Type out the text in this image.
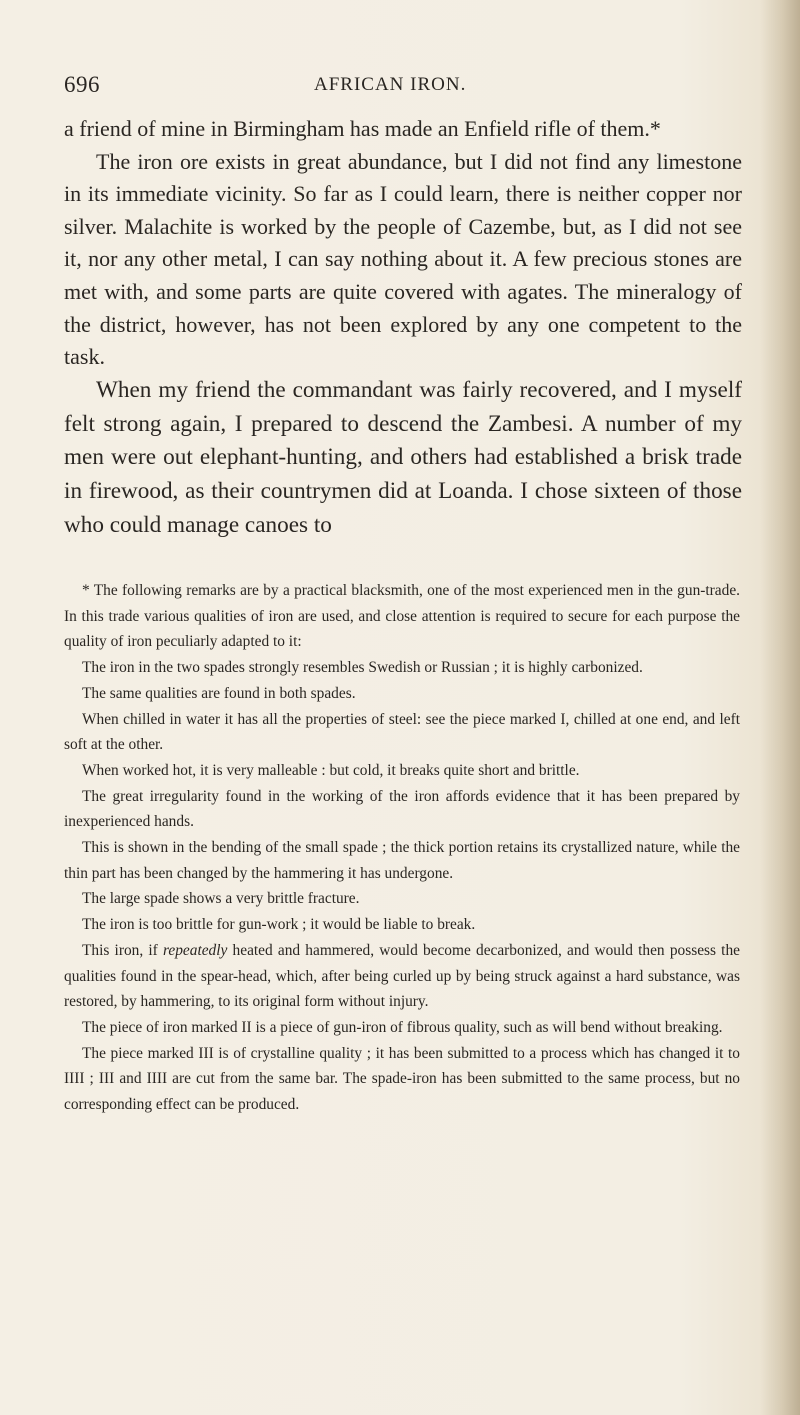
696	AFRICAN IRON.

a friend of mine in Birmingham has made an Enfield rifle of them.*

The iron ore exists in great abundance, but I did not find any limestone in its immediate vicinity. So far as I could learn, there is neither copper nor silver. Malachite is worked by the people of Cazembe, but, as I did not see it, nor any other metal, I can say nothing about it. A few precious stones are met with, and some parts are quite covered with agates. The mineralogy of the district, however, has not been explored by any one competent to the task.

When my friend the commandant was fairly recovered, and I myself felt strong again, I prepared to descend the Zambesi. A number of my men were out elephant-hunting, and others had established a brisk trade in firewood, as their countrymen did at Loanda. I chose sixteen of those who could manage canoes to

* The following remarks are by a practical blacksmith, one of the most experienced men in the gun-trade. In this trade various qualities of iron are used, and close attention is required to secure for each purpose the quality of iron peculiarly adapted to it:

The iron in the two spades strongly resembles Swedish or Russian ; it is highly carbonized.

The same qualities are found in both spades.

When chilled in water it has all the properties of steel: see the piece marked I, chilled at one end, and left soft at the other.

When worked hot, it is very malleable : but cold, it breaks quite short and brittle.

The great irregularity found in the working of the iron affords evidence that it has been prepared by inexperienced hands.

This is shown in the bending of the small spade ; the thick portion retains its crystallized nature, while the thin part has been changed by the hammering it has undergone.

The large spade shows a very brittle fracture.

The iron is too brittle for gun-work ; it would be liable to break.

This iron, if repeatedly heated and hammered, would become decarbonized, and would then possess the qualities found in the spear-head, which, after being curled up by being struck against a hard substance, was restored, by hammering, to its original form without injury.

The piece of iron marked II is a piece of gun-iron of fibrous quality, such as will bend without breaking.

The piece marked III is of crystalline quality ; it has been submitted to a process which has changed it to IIII ; III and IIII are cut from the same bar. The spade-iron has been submitted to the same process, but no corresponding effect can be produced.
